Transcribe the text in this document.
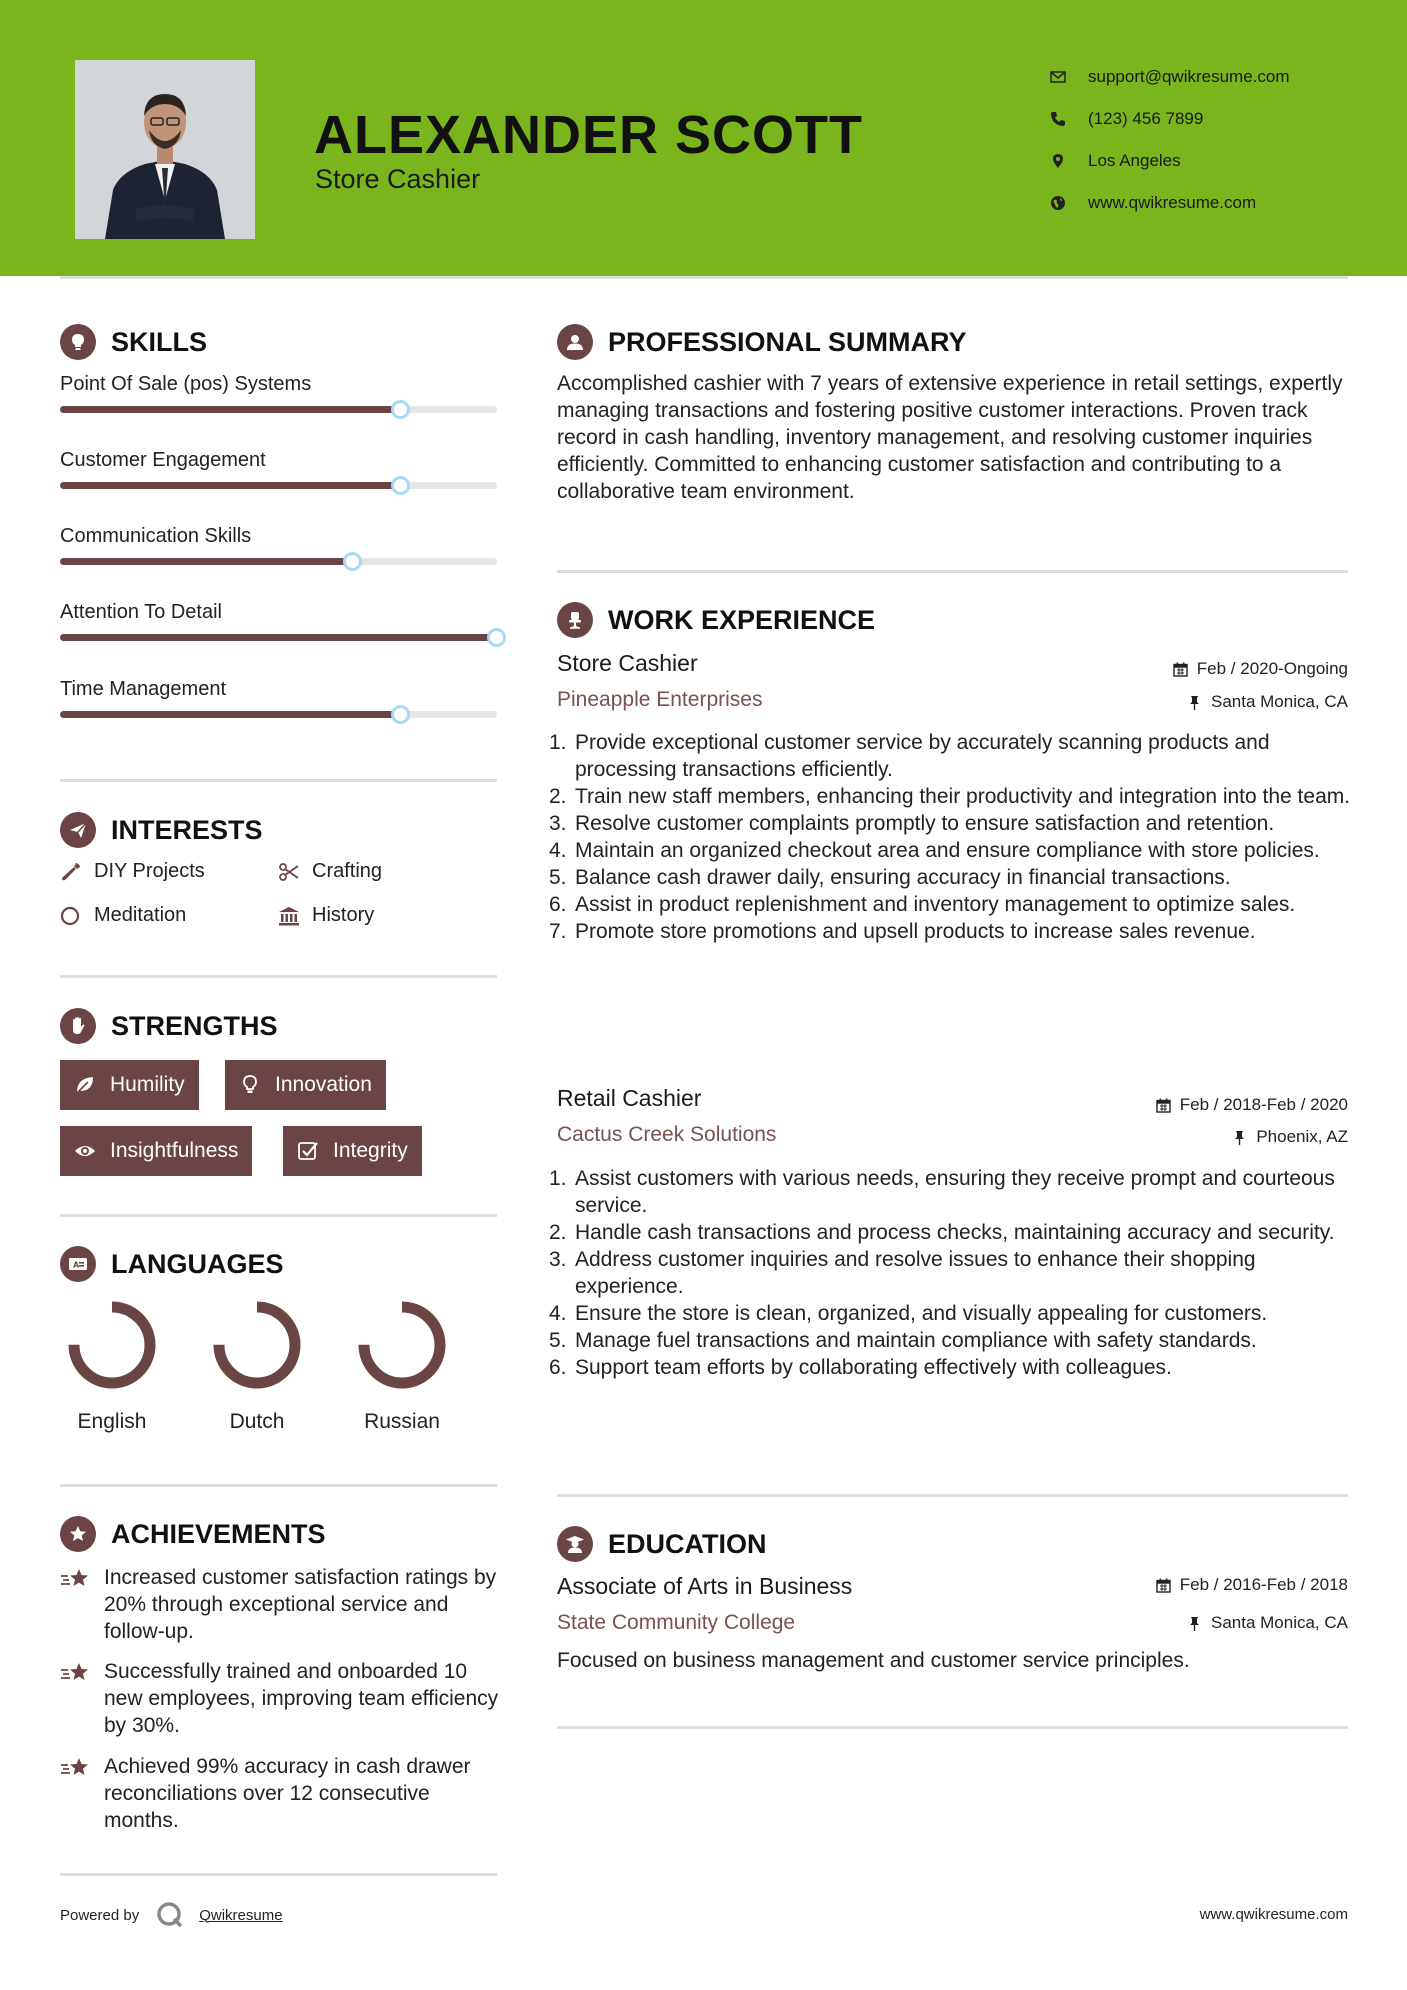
ALEXANDER SCOTT
Store Cashier
support@qwikresume.com
(123) 456 7899
Los Angeles
www.qwikresume.com
SKILLS
Point Of Sale (pos) Systems
Customer Engagement
Communication Skills
Attention To Detail
Time Management
INTERESTS
DIY Projects	Crafting
Meditation	History
STRENGTHS
Humility	Innovation
Insightfulness	Integrity
A LANGUAGES
English	Dutch	Russian
ACHIEVEMENTS
Increased customer satisfaction ratings by 20% through exceptional service and follow-up.
Successfully trained and onboarded 10 new employees, improving team efficiency by 30%.
Achieved 99% accuracy in cash drawer reconciliations over 12 consecutive months.
PROFESSIONAL SUMMARY
Accomplished cashier with 7 years of extensive experience in retail settings, expertly managing transactions and fostering positive customer interactions. Proven track record in cash handling, inventory management, and resolving customer inquiries efficiently. Committed to enhancing customer satisfaction and contributing to a collaborative team environment.
WORK EXPERIENCE
Store Cashier	Feb / 2020-Ongoing
Pineapple Enterprises	Santa Monica, CA
1. Provide exceptional customer service by accurately scanning products and processing transactions efficiently.
2. Train new staff members, enhancing their productivity and integration into the team.
3. Resolve customer complaints promptly to ensure satisfaction and retention.
4. Maintain an organized checkout area and ensure compliance with store policies.
5. Balance cash drawer daily, ensuring accuracy in financial transactions.
6. Assist in product replenishment and inventory management to optimize sales.
7. Promote store promotions and upsell products to increase sales revenue.
Retail Cashier	Feb / 2018-Feb / 2020
Cactus Creek Solutions	Phoenix, AZ
1. Assist customers with various needs, ensuring they receive prompt and courteous service.
2. Handle cash transactions and process checks, maintaining accuracy and security.
3. Address customer inquiries and resolve issues to enhance their shopping experience.
4. Ensure the store is clean, organized, and visually appealing for customers.
5. Manage fuel transactions and maintain compliance with safety standards.
6. Support team efforts by collaborating effectively with colleagues.
EDUCATION
Associate of Arts in Business	Feb / 2016-Feb / 2018
State Community College	Santa Monica, CA
Focused on business management and customer service principles.
Powered by	Qwikresume	www.qwikresume.com
